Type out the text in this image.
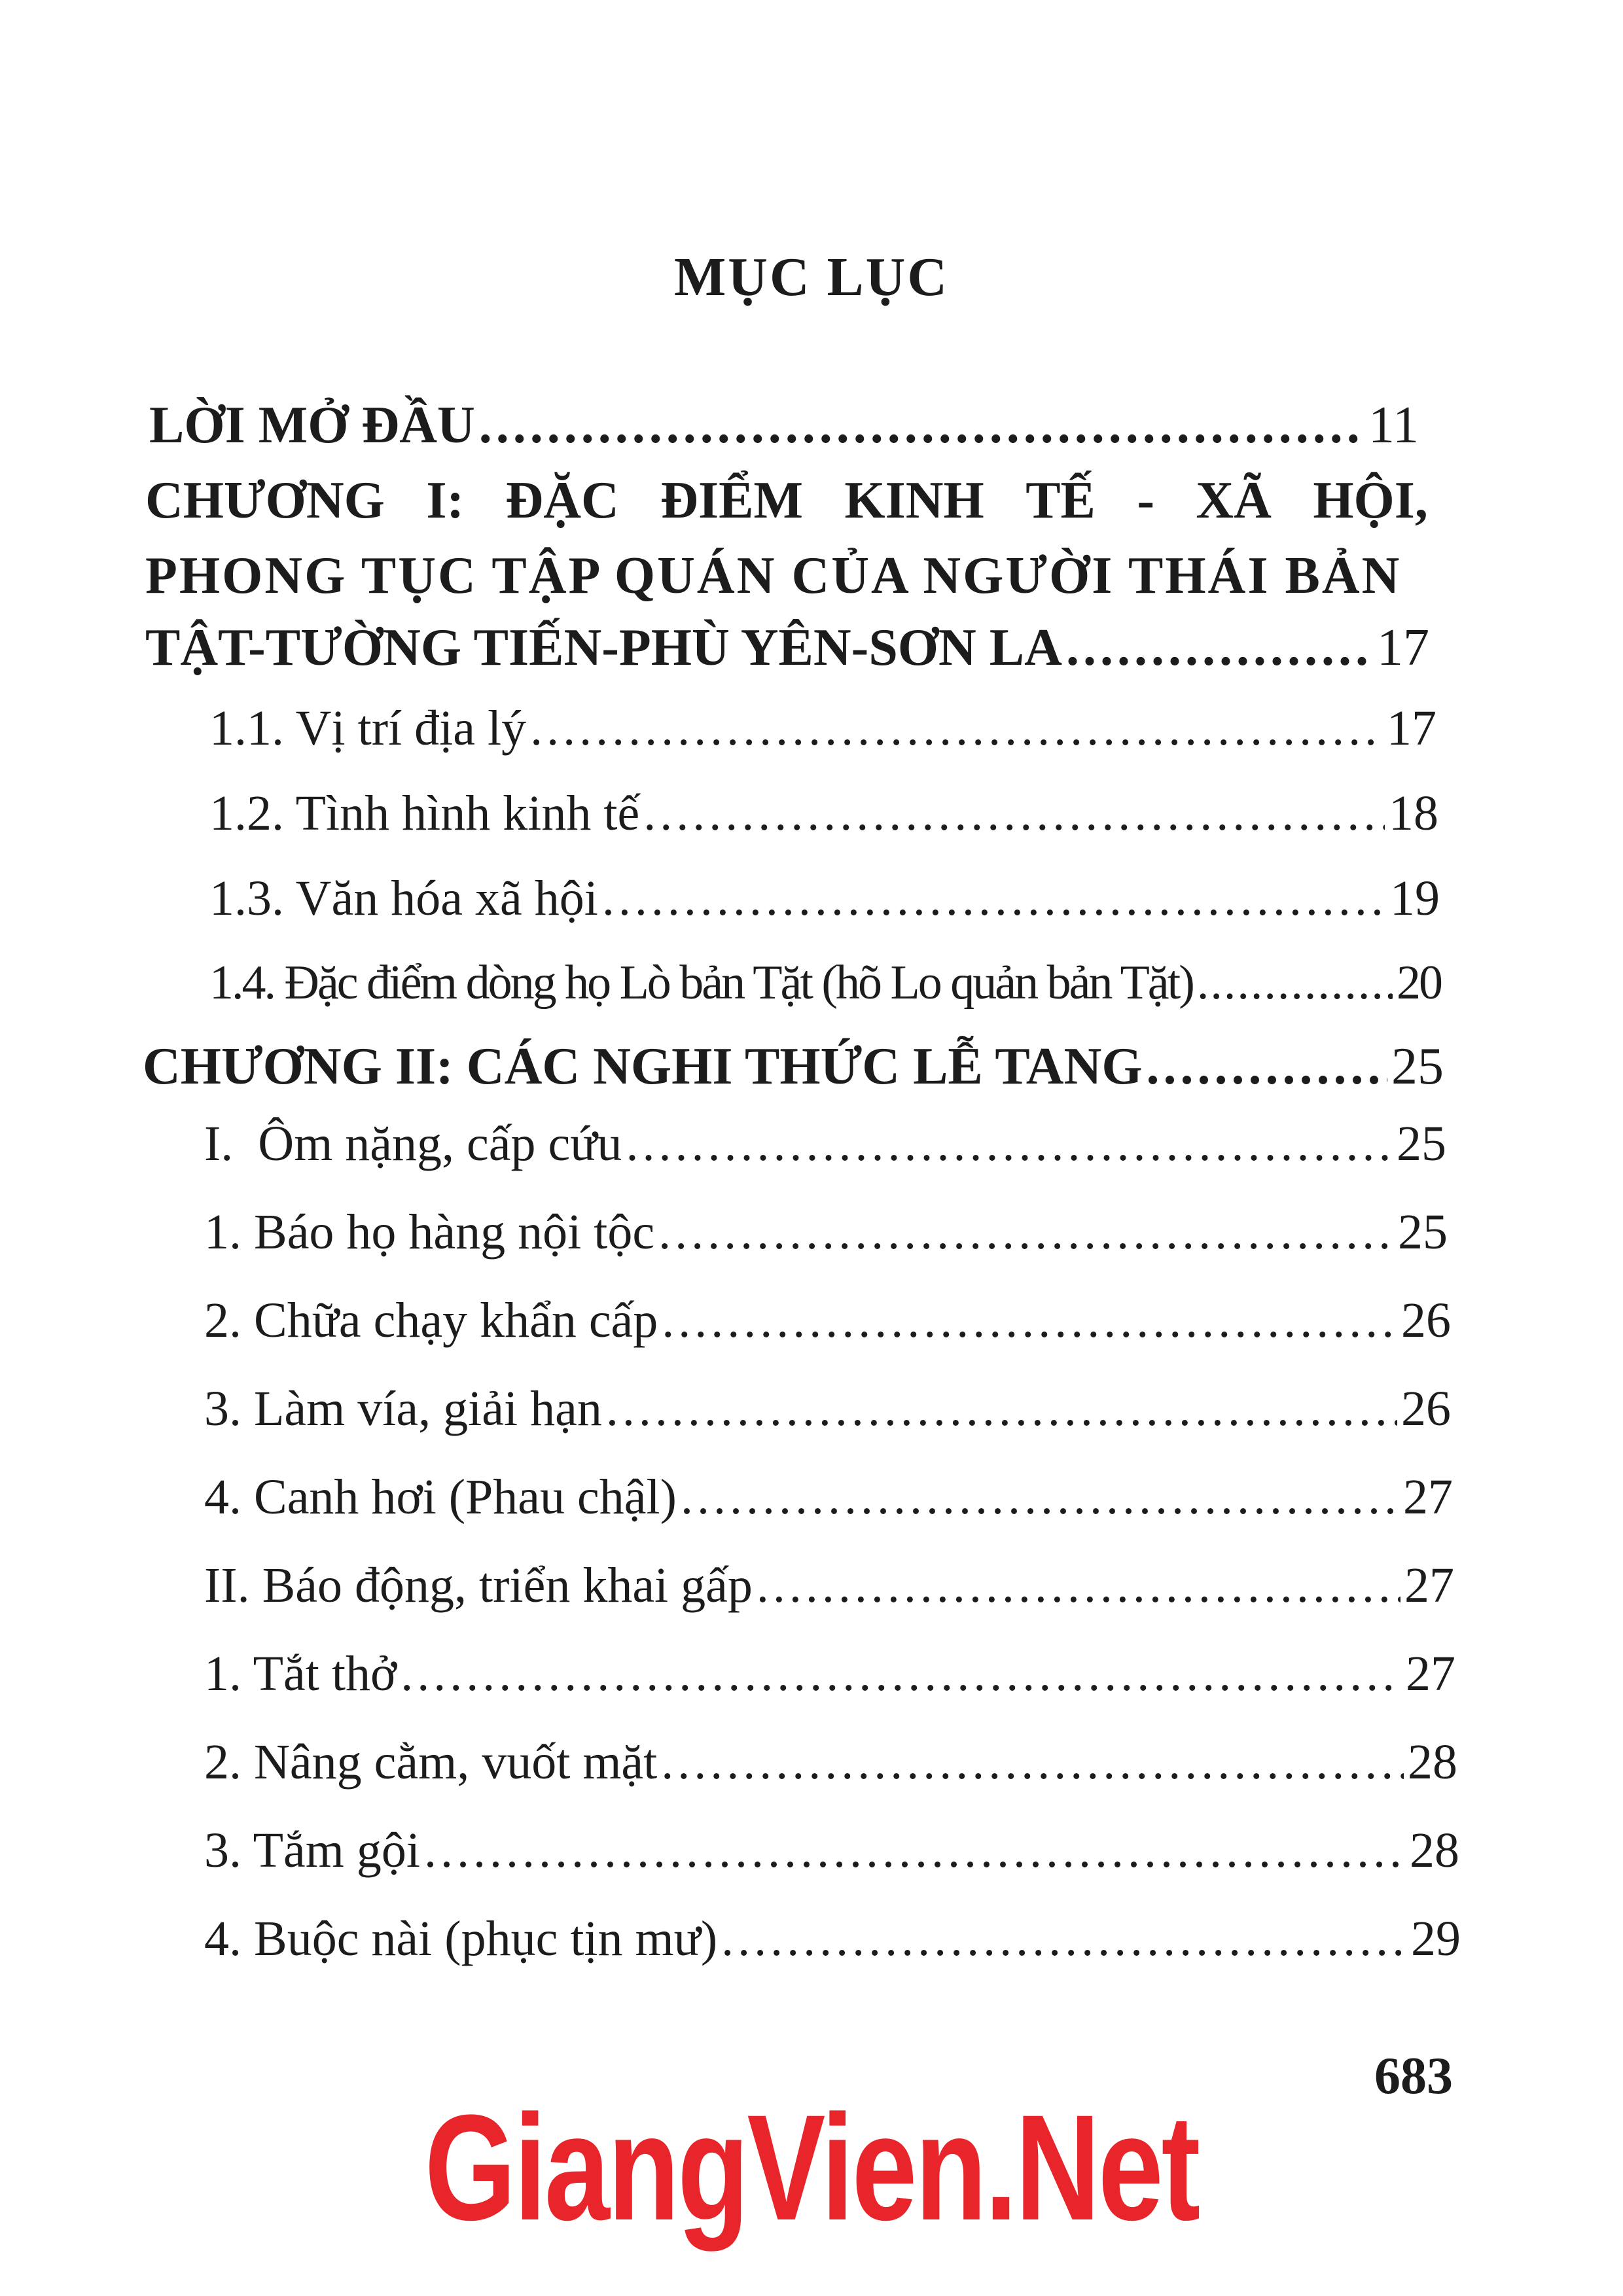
MỤC LỤC
LỜI MỞ ĐẦU .....	11
CHƯƠNG I: ĐẶC ĐIỂM KINH TẾ - XÃ HỘI,
PHONG TỤC TẬP QUÁN CỦA NGƯỜI THÁI BẢN
TẬT-TƯỜNG TIẾN-PHÙ YÊN-SƠN LA .....	17
1.1. Vị trí địa lý .....	17
1.2. Tình hình kinh tế .....	18
1.3. Văn hóa xã hội .....	19
1.4. Đặc điểm dòng họ Lò bản Tặt (hõ Lo quản bản Tặt) .....	20
CHƯƠNG II: CÁC NGHI THỨC LỄ TANG .....	25
I.  Ôm nặng, cấp cứu .....	25
1. Báo họ hàng nội tộc .....	25
2. Chữa chạy khẩn cấp .....	26
3. Làm vía, giải hạn .....	26
4. Canh hơi (Phau chậl) .....	27
II. Báo động, triển khai gấp .....	27
1. Tắt thở .....	27
2. Nâng cằm, vuốt mặt .....	28
3. Tắm gội .....	28
4. Buộc nài (phục tịn mư) .....	29
683
GiangVien.Net
